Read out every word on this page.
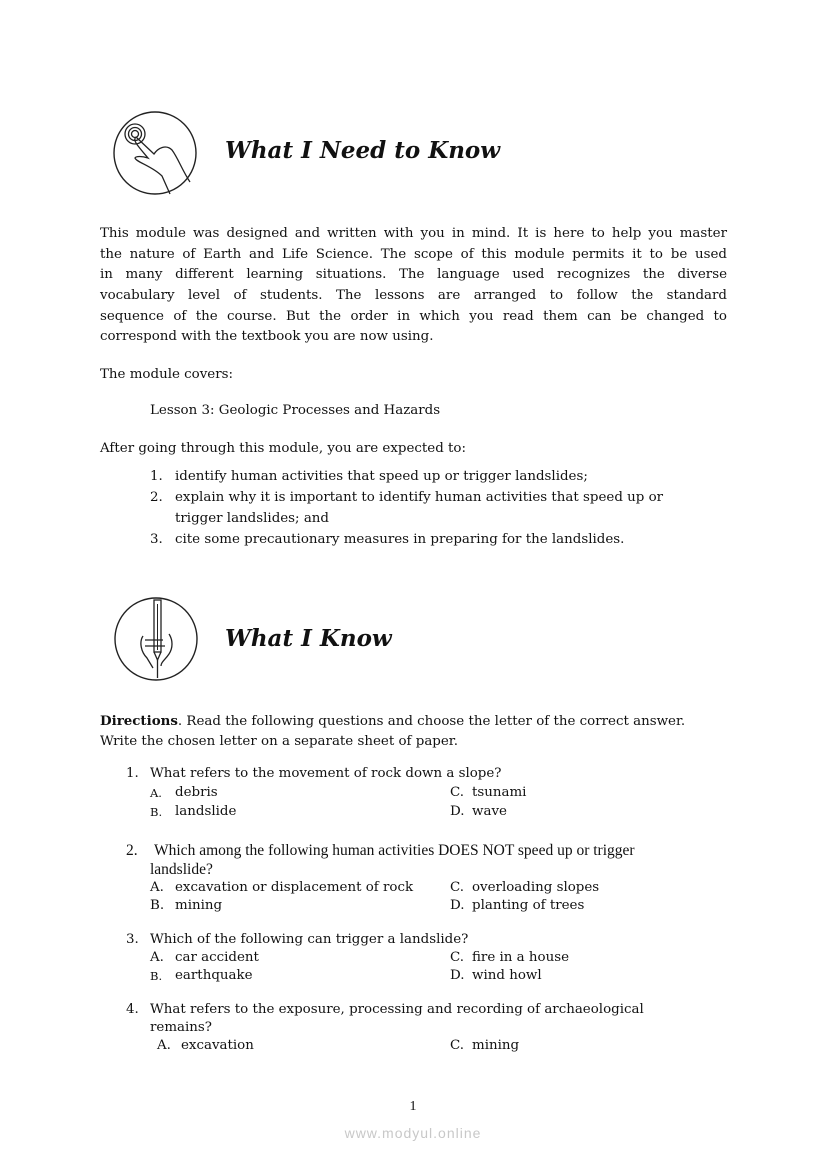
What I Need to Know
This module was designed and written with you in mind. It is here to help you master
the nature of Earth and Life Science. The scope of this module permits it to be used
in many different learning situations. The language used recognizes the diverse
vocabulary level of students. The lessons are arranged to follow the standard
sequence of the course. But the order in which you read them can be changed to
correspond with the textbook you are now using.
The module covers:
Lesson 3: Geologic Processes and Hazards
After going through this module, you are expected to:
1. identify human activities that speed up or trigger landslides;
2. explain why it is important to identify human activities that speed up or
trigger landslides; and
3. cite some precautionary measures in preparing for the landslides.
What I Know
Directions. Read the following questions and choose the letter of the correct answer.
Write the chosen letter on a separate sheet of paper.
1. What refers to the movement of rock down a slope?
A. debris	C. tsunami
B. landslide	D. wave
2. Which among the following human activities DOES NOT speed up or trigger
landslide?
A. excavation or displacement of rock	C. overloading slopes
B. mining	D. planting of trees
3. Which of the following can trigger a landslide?
A. car accident	C. fire in a house
B. earthquake	D. wind howl
4. What refers to the exposure, processing and recording of archaeological
remains?
A. excavation	C. mining
1
www.modyul.online
